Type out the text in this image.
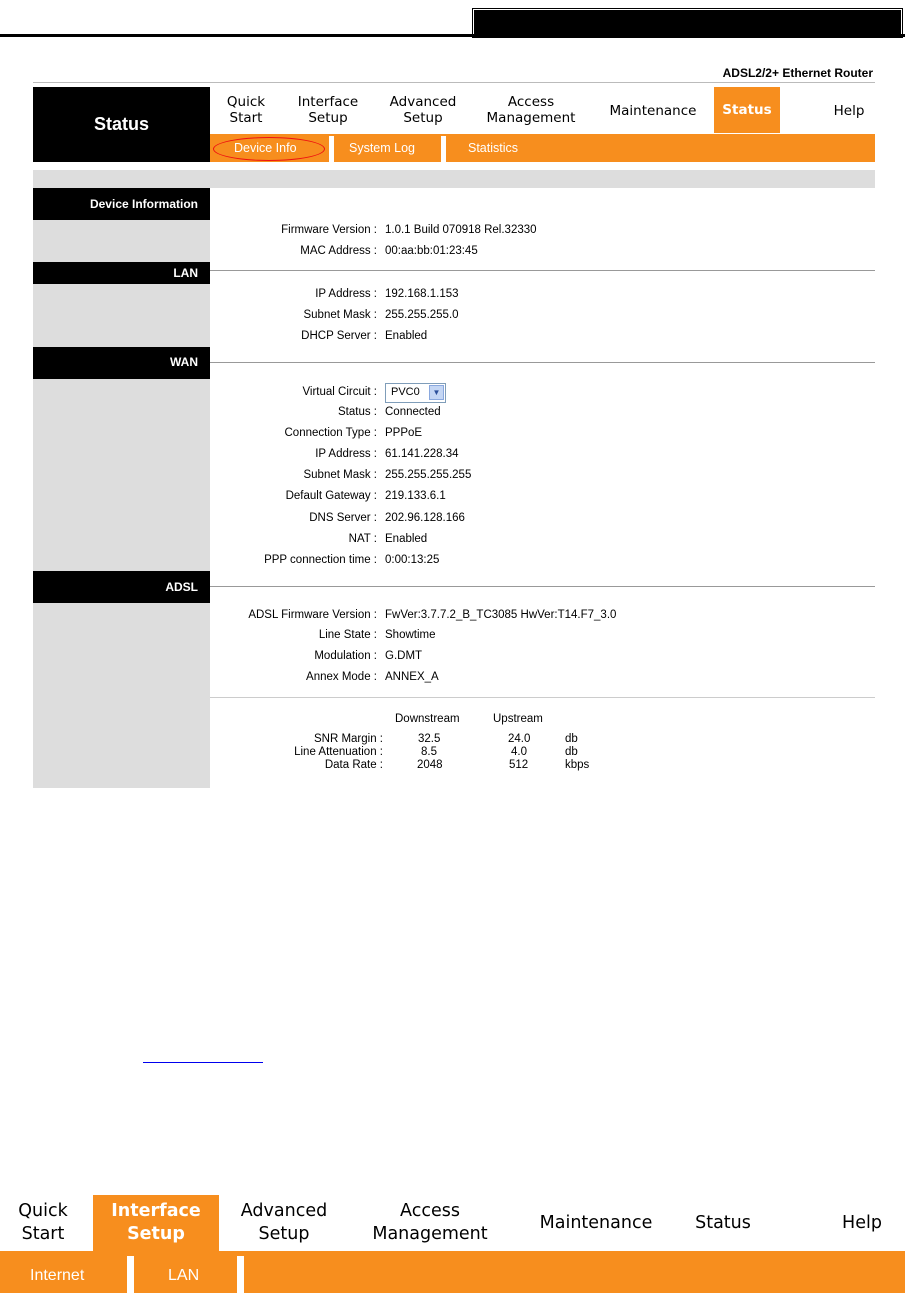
ADSL2/2+ Ethernet Router
Status
Quick
Start
Interface
Setup
Advanced
Setup
Access
Management	Maintenance	Status	Help
Device Info	System Log	Statistics
Device Information
Firmware Version : 1.0.1 Build 070918 Rel.32330
MAC Address : 00:aa:bb:01:23:45
LAN
IP Address : 192.168.1.153
Subnet Mask : 255.255.255.0
DHCP Server : Enabled
WAN
Virtual Circuit : PVC0	▼
Status : Connected
Connection Type : PPPoE
IP Address : 61.141.228.34
Subnet Mask : 255.255.255.255
Default Gateway : 219.133.6.1
DNS Server : 202.96.128.166
NAT : Enabled
PPP connection time : 0:00:13:25
ADSL
ADSL Firmware Version : FwVer:3.7.7.2_B_TC3085 HwVer:T14.F7_3.0
Line State : Showtime
Modulation : G.DMT
Annex Mode : ANNEX_A
Downstream	Upstream
SNR Margin :	32.5	24.0	db
Line Attenuation :	8.5	4.0	db
Data Rate :	2048	512	kbps
Quick
Start
Interface
Setup
Advanced
Setup
Access
Management
Maintenance	Status	Help
Internet	LAN
